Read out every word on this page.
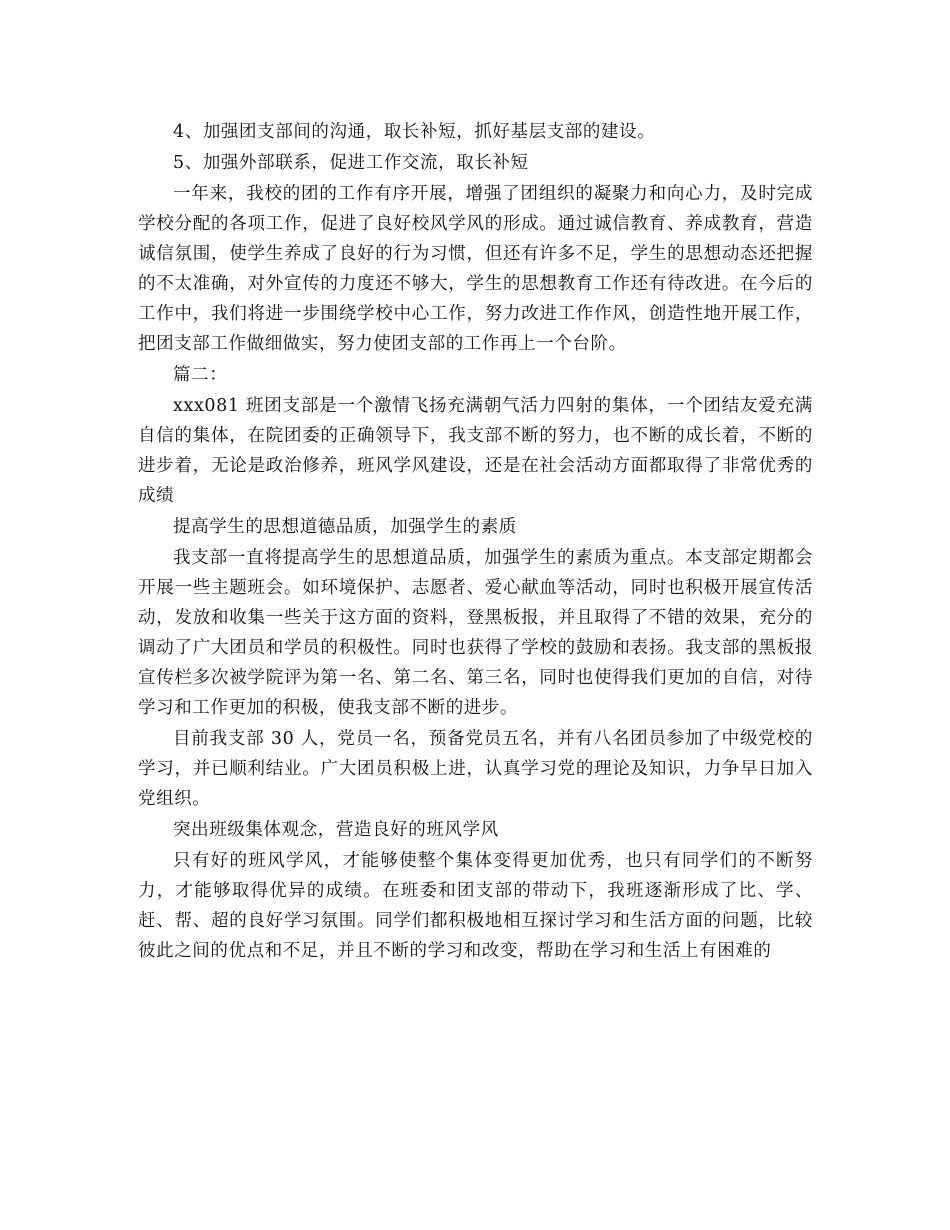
4、加强团支部间的沟通，取长补短，抓好基层支部的建设。

5、加强外部联系，促进工作交流，取长补短

一年来，我校的团的工作有序开展，增强了团组织的凝聚力和向心力，及时完成学校分配的各项工作，促进了良好校风学风的形成。通过诚信教育、养成教育，营造诚信氛围，使学生养成了良好的行为习惯，但还有许多不足，学生的思想动态还把握的不太准确，对外宣传的力度还不够大，学生的思想教育工作还有待改进。在今后的工作中，我们将进一步围绕学校中心工作，努力改进工作作风，创造性地开展工作，把团支部工作做细做实，努力使团支部的工作再上一个台阶。

篇二：

xxx081 班团支部是一个激情飞扬充满朝气活力四射的集体，一个团结友爱充满自信的集体，在院团委的正确领导下，我支部不断的努力，也不断的成长着，不断的进步着，无论是政治修养，班风学风建设，还是在社会活动方面都取得了非常优秀的成绩

提高学生的思想道德品质，加强学生的素质

我支部一直将提高学生的思想道品质，加强学生的素质为重点。本支部定期都会开展一些主题班会。如环境保护、志愿者、爱心献血等活动，同时也积极开展宣传活动，发放和收集一些关于这方面的资料，登黑板报，并且取得了不错的效果，充分的调动了广大团员和学员的积极性。同时也获得了学校的鼓励和表扬。我支部的黑板报宣传栏多次被学院评为第一名、第二名、第三名，同时也使得我们更加的自信，对待学习和工作更加的积极，使我支部不断的进步。

目前我支部 30 人，党员一名，预备党员五名，并有八名团员参加了中级党校的学习，并已顺利结业。广大团员积极上进，认真学习党的理论及知识，力争早日加入党组织。

突出班级集体观念，营造良好的班风学风

只有好的班风学风，才能够使整个集体变得更加优秀，也只有同学们的不断努力，才能够取得优异的成绩。在班委和团支部的带动下，我班逐渐形成了比、学、赶、帮、超的良好学习氛围。同学们都积极地相互探讨学习和生活方面的问题，比较彼此之间的优点和不足，并且不断的学习和改变，帮助在学习和生活上有困难的
